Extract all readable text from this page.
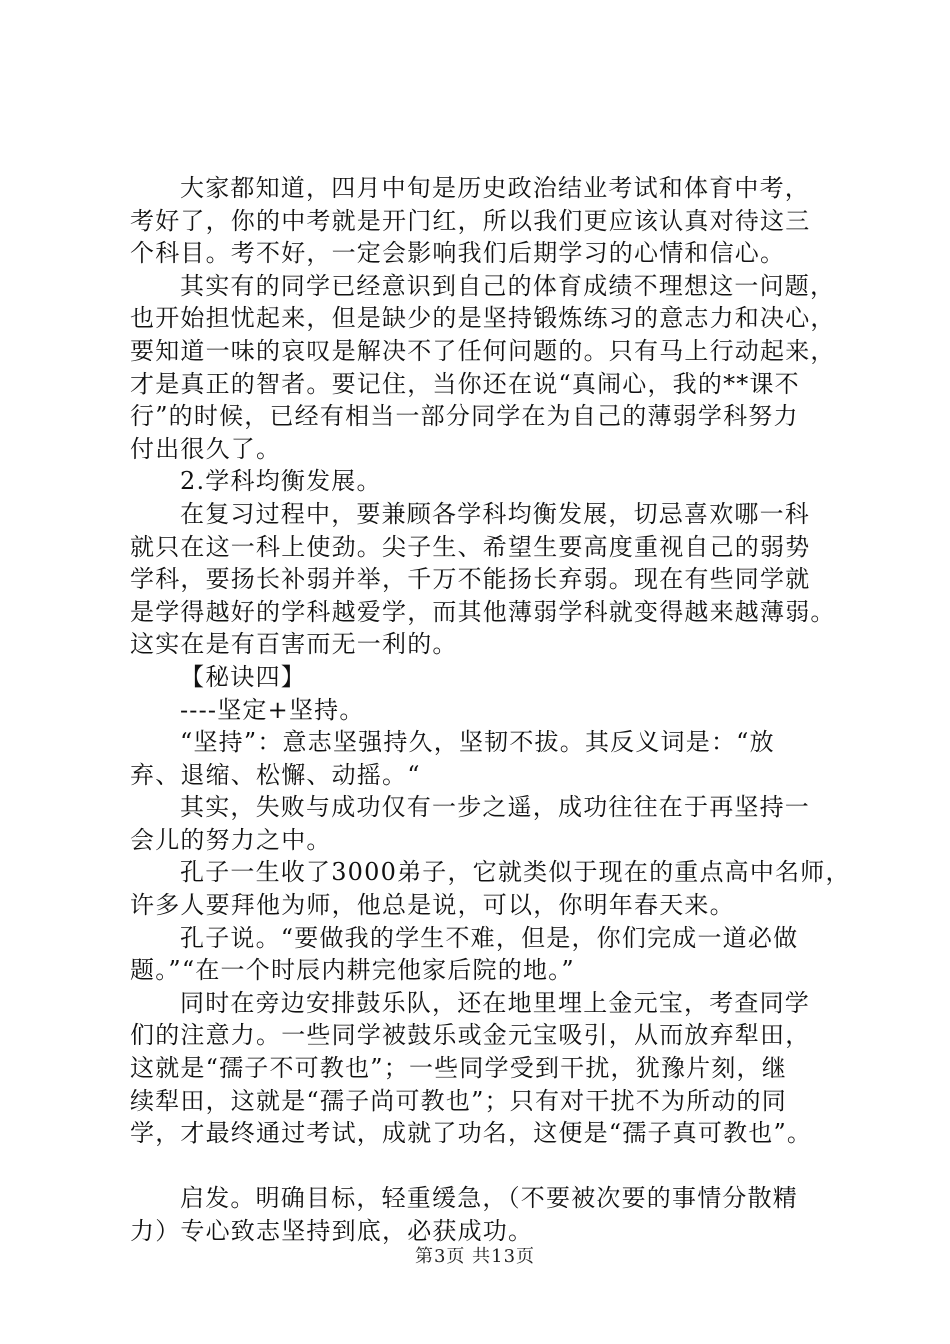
大家都知道，四月中旬是历史政治结业考试和体育中考，
考好了，你的中考就是开门红，所以我们更应该认真对待这三
个科目。考不好，一定会影响我们后期学习的心情和信心。
其实有的同学已经意识到自己的体育成绩不理想这一问题，
也开始担忧起来，但是缺少的是坚持锻炼练习的意志力和决心，
要知道一味的哀叹是解决不了任何问题的。只有马上行动起来，
才是真正的智者。要记住，当你还在说“真闹心，我的**课不
行”的时候，已经有相当一部分同学在为自己的薄弱学科努力
付出很久了。
2.学科均衡发展。
在复习过程中，要兼顾各学科均衡发展，切忌喜欢哪一科
就只在这一科上使劲。尖子生、希望生要高度重视自己的弱势
学科，要扬长补弱并举，千万不能扬长弃弱。现在有些同学就
是学得越好的学科越爱学，而其他薄弱学科就变得越来越薄弱。
这实在是有百害而无一利的。
【秘诀四】
----坚定+坚持。
“坚持”：意志坚强持久，坚韧不拔。其反义词是：“放
弃、退缩、松懈、动摇。“
其实，失败与成功仅有一步之遥，成功往往在于再坚持一
会儿的努力之中。
孔子一生收了3000弟子，它就类似于现在的重点高中名师，
许多人要拜他为师，他总是说，可以，你明年春天来。
孔子说。“要做我的学生不难，但是，你们完成一道必做
题。”“在一个时辰内耕完他家后院的地。”
同时在旁边安排鼓乐队，还在地里埋上金元宝，考查同学
们的注意力。一些同学被鼓乐或金元宝吸引，从而放弃犁田，
这就是“孺子不可教也”；一些同学受到干扰，犹豫片刻，继
续犁田，这就是“孺子尚可教也”；只有对干扰不为所动的同
学，才最终通过考试，成就了功名，这便是“孺子真可教也”。
启发。明确目标，轻重缓急，（不要被次要的事情分散精
力）专心致志坚持到底，必获成功。
第3页 共13页
